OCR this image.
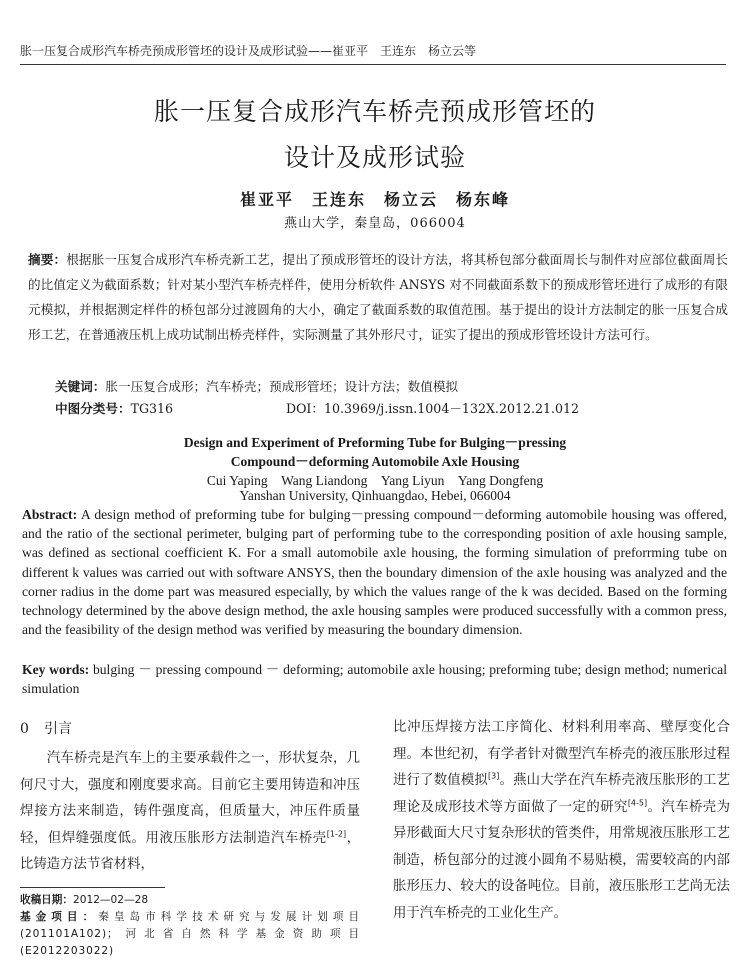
胀一压复合成形汽车桥壳预成形管坯的设计及成形试验——崔亚平　王连东　杨立云等
胀一压复合成形汽车桥壳预成形管坯的
设计及成形试验
崔亚平　王连东　杨立云　杨东峰
燕山大学，秦皇岛，066004
摘要：根据胀一压复合成形汽车桥壳新工艺，提出了预成形管坯的设计方法，将其桥包部分截面周长与制件对应部位截面周长的比值定义为截面系数；针对某小型汽车桥壳样件，使用分析软件 ANSYS 对不同截面系数下的预成形管坯进行了成形的有限元模拟，并根据测定样件的桥包部分过渡圆角的大小，确定了截面系数的取值范围。基于提出的设计方法制定的胀一压复合成形工艺，在普通液压机上成功试制出桥壳样件，实际测量了其外形尺寸，证实了提出的预成形管坯设计方法可行。
关键词：胀一压复合成形；汽车桥壳；预成形管坯；设计方法；数值模拟
中图分类号：TG316	DOI：10.3969/j.issn.1004－132X.2012.21.012
Design and Experiment of Preforming Tube for Bulging－pressing
Compound－deforming Automobile Axle Housing
Cui Yaping　Wang Liandong　Yang Liyun　Yang Dongfeng
Yanshan University, Qinhuangdao, Hebei, 066004
Abstract: A design method of preforming tube for bulging－pressing compound－deforming automobile housing was offered, and the ratio of the sectional perimeter, bulging part of performing tube to the corresponding position of axle housing sample, was defined as sectional coefficient K. For a small automobile axle housing, the forming simulation of preforrming tube on different k values was carried out with software ANSYS, then the boundary dimension of the axle housing was analyzed and the corner radius in the dome part was measured especially, by which the values range of the k was decided. Based on the forming technology determined by the above design method, the axle housing samples were produced successfully with a common press, and the feasibility of the design method was verified by measuring the boundary dimension.
Key words: bulging － pressing compound － deforming; automobile axle housing; preforming tube; design method; numerical simulation
0 引言

汽车桥壳是汽车上的主要承载件之一，形状复杂，几何尺寸大，强度和刚度要求高。目前它主要用铸造和冲压焊接方法来制造，铸件强度高，但质量大，冲压件质量轻，但焊缝强度低。用液压胀形方法制造汽车桥壳[1-2]，比铸造方法节省材料，

比冲压焊接方法工序简化、材料利用率高、壁厚变化合理。本世纪初，有学者针对微型汽车桥壳的液压胀形过程进行了数值模拟[3]。燕山大学在汽车桥壳液压胀形的工艺理论及成形技术等方面做了一定的研究[4-5]。汽车桥壳为异形截面大尺寸复杂形状的管类件，用常规液压胀形工艺制造，桥包部分的过渡小圆角不易贴模，需要较高的内部胀形压力、较大的设备吨位。目前，液压胀形工艺尚无法用于汽车桥壳的工业化生产。

收稿日期：2012—02—28
基金项目：秦皇岛市科学技术研究与发展计划项目(201101A102)；河北省自然科学基金资助项目(E2012203022)
